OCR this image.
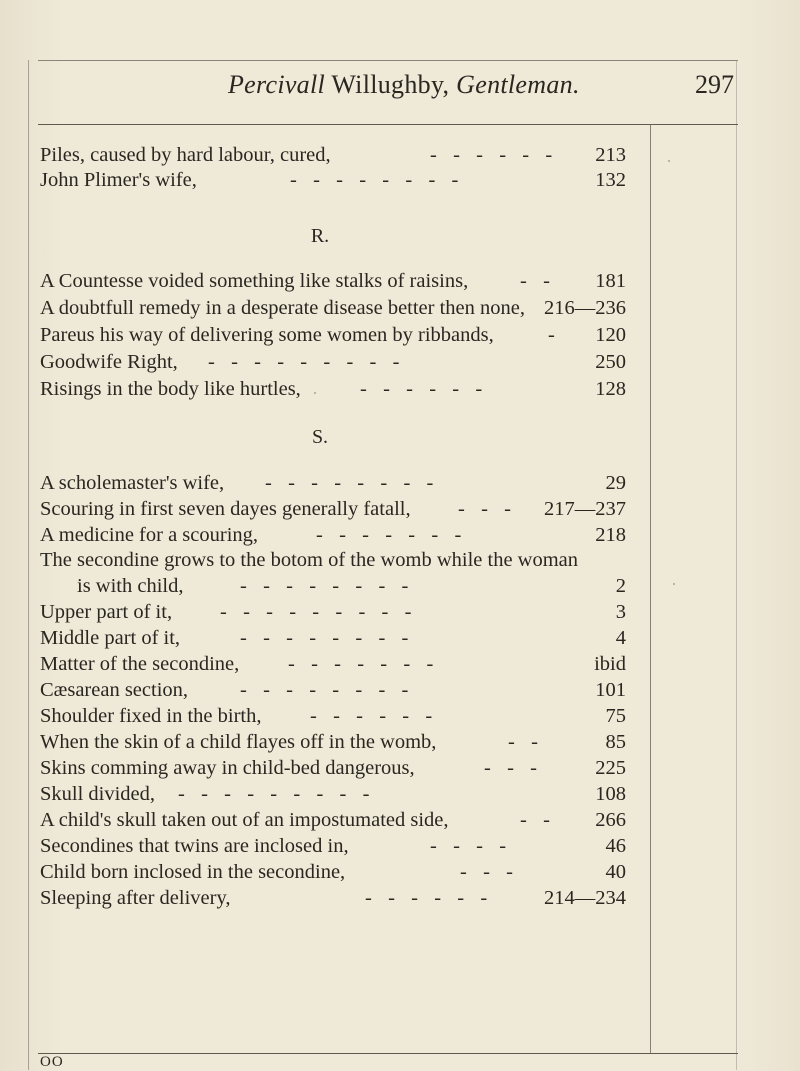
Percivall Willughby, Gentleman.	297
Piles, caused by hard labour, cured,	-  -  -  -  -  - 213
John Plimer's wife,	-  -  -  -  -  -  -  -	132
R.
A Countesse voided something like stalks of raisins,	-  - 181
A doubtfull remedy in a desperate disease better then none, 216—236
Pareus his way of delivering some women by ribbands,	- 120
Goodwife Right, -  -  -  -  -  -  -  -  -	250
Risings in the body like hurtles,	-  -  -  -  -  -	128
S.
A scholemaster's wife, -  -  -  -  -  -  -  -	29
Scouring in first seven dayes generally fatall, -  -  - 217—237
A medicine for a scouring,	-  -  -  -  -  -  -	218
The secondine grows to the botom of the womb while the woman
is with child,	-  -  -  -  -  -  -  -	2
Upper part of it, -  -  -  -  -  -  -  -  -	3
Middle part of it,	-  -  -  -  -  -  -  -	4
Matter of the secondine, -  -  -  -  -  -  -	ibid
Cæsarean section,	-  -  -  -  -  -  -  -	101
Shoulder fixed in the birth, -  -  -  -  -  -	75
When the skin of a child flayes off in the womb,	-  -	85
Skins comming away in child-bed dangerous,	-  -  -	225
Skull divided, -  -  -  -  -  -  -  -  -	108
A child's skull taken out of an impostumated side,	-  - 266
Secondines that twins are inclosed in,	-  -  -  -	46
Child born inclosed in the secondine,	-  -  -	40
Sleeping after delivery,	-  -  -  -  -  -	214—234
OO
